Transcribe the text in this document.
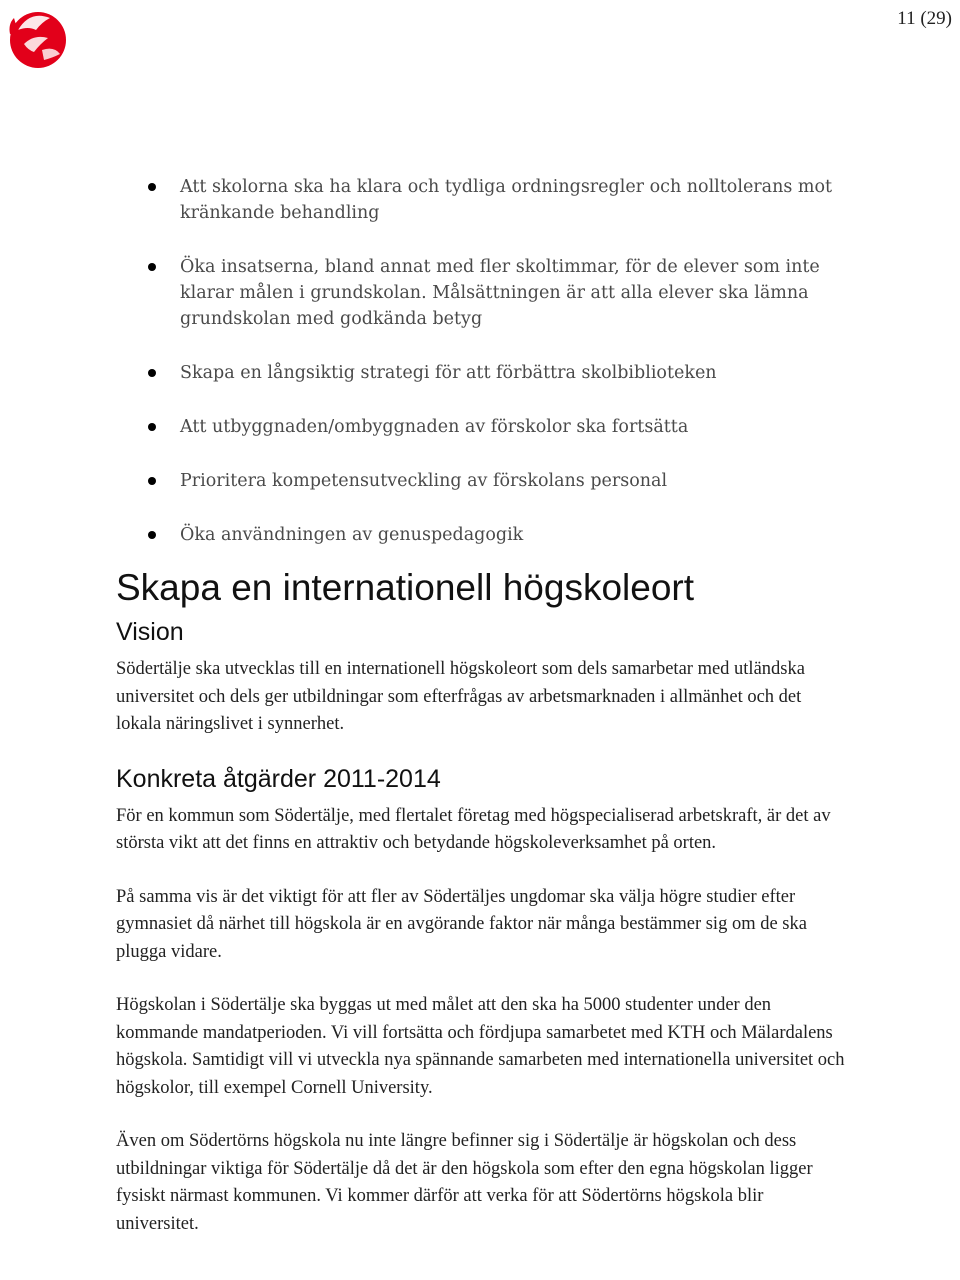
11 (29)
Att skolorna ska ha klara och tydliga ordningsregler och nolltolerans mot kränkande behandling
Öka insatserna, bland annat med fler skoltimmar, för de elever som inte klarar målen i grundskolan. Målsättningen är att alla elever ska lämna grundskolan med godkända betyg
Skapa en långsiktig strategi för att förbättra skolbiblioteken
Att utbyggnaden/ombyggnaden av förskolor ska fortsätta
Prioritera kompetensutveckling av förskolans personal
Öka användningen av genuspedagogik
Skapa en internationell högskoleort
Vision

Södertälje ska utvecklas till en internationell högskoleort som dels samarbetar med utländska universitet och dels ger utbildningar som efterfrågas av arbetsmarknaden i allmänhet och det lokala näringslivet i synnerhet.

Konkreta åtgärder 2011-2014

För en kommun som Södertälje, med flertalet företag med högspecialiserad arbetskraft, är det av största vikt att det finns en attraktiv och betydande högskoleverksamhet på orten.

På samma vis är det viktigt för att fler av Södertäljes ungdomar ska välja högre studier efter gymnasiet då närhet till högskola är en avgörande faktor när många bestämmer sig om de ska plugga vidare.

Högskolan i Södertälje ska byggas ut med målet att den ska ha 5000 studenter under den kommande mandatperioden. Vi vill fortsätta och fördjupa samarbetet med KTH och Mälardalens högskola. Samtidigt vill vi utveckla nya spännande samarbeten med internationella universitet och högskolor, till exempel Cornell University.

Även om Södertörns högskola nu inte längre befinner sig i Södertälje är högskolan och dess utbildningar viktiga för Södertälje då det är den högskola som efter den egna högskolan ligger fysiskt närmast kommunen. Vi kommer därför att verka för att Södertörns högskola blir universitet.
